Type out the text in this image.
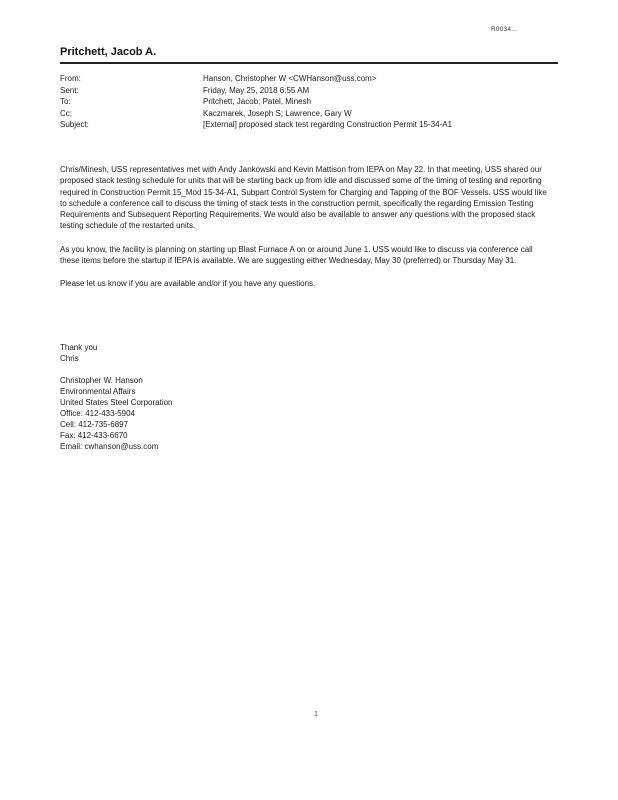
R0034...
Pritchett, Jacob A.
From:	Hanson, Christopher W <CWHanson@uss.com>
Sent:	Friday, May 25, 2018 6:55 AM
To:	Pritchett, Jacob; Patel, Minesh
Cc:	Kaczmarek, Joseph S; Lawrence, Gary W
Subject:	[External] proposed stack test regarding Construction Permit 15-34-A1

Chris/Minesh, USS representatives met with Andy Jankowski and Kevin Mattison from IEPA on May 22. In that meeting, USS shared our proposed stack testing schedule for units that will be starting back up from idle and discussed some of the timing of testing and reporting required in Construction Permit 15_Mod 15-34-A1, Subpart Control System for Charging and Tapping of the BOF Vessels. USS would like to schedule a conference call to discuss the timing of stack tests in the construction permit, specifically the regarding Emission Testing Requirements and Subsequent Reporting Requirements. We would also be available to answer any questions with the proposed stack testing schedule of the restarted units.

As you know, the facility is planning on starting up Blast Furnace A on or around June 1. USS would like to discuss via conference call these items before the startup if IEPA is available. We are suggesting either Wednesday, May 30 (preferred) or Thursday May 31.

Please let us know if you are available and/or if you have any questions.

Thank you
Chris
Christopher W. Hanson
Environmental Affairs
United States Steel Corporation
Office: 412-433-5904
Cell: 412-735-6897
Fax: 412-433-6670
Email: cwhanson@uss.com
1
